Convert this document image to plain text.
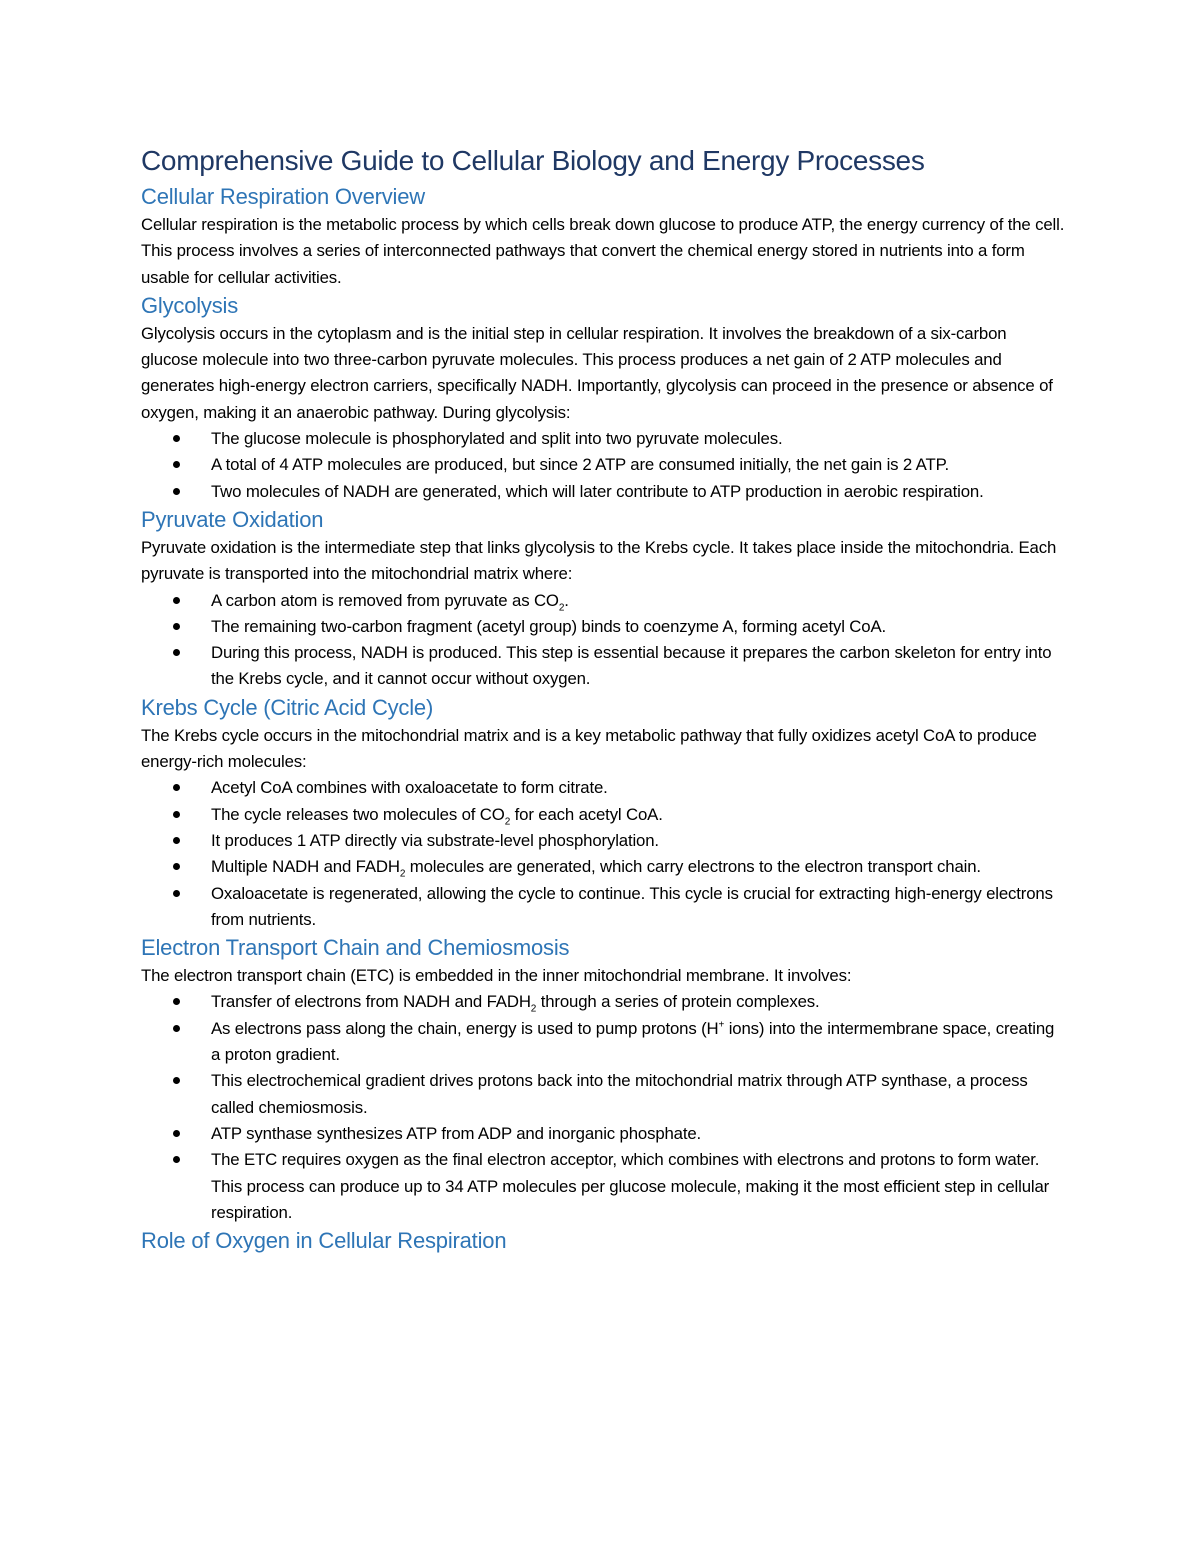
Comprehensive Guide to Cellular Biology and Energy Processes
Cellular Respiration Overview

Cellular respiration is the metabolic process by which cells break down glucose to produce ATP, the energy currency of the cell. This process involves a series of interconnected pathways that convert the chemical energy stored in nutrients into a form usable for cellular activities.

Glycolysis

Glycolysis occurs in the cytoplasm and is the initial step in cellular respiration. It involves the breakdown of a six-carbon glucose molecule into two three-carbon pyruvate molecules. This process produces a net gain of 2 ATP molecules and generates high-energy electron carriers, specifically NADH. Importantly, glycolysis can proceed in the presence or absence of oxygen, making it an anaerobic pathway. During glycolysis:

The glucose molecule is phosphorylated and split into two pyruvate molecules.
A total of 4 ATP molecules are produced, but since 2 ATP are consumed initially, the net gain is 2 ATP.
Two molecules of NADH are generated, which will later contribute to ATP production in aerobic respiration.
Pyruvate Oxidation

Pyruvate oxidation is the intermediate step that links glycolysis to the Krebs cycle. It takes place inside the mitochondria. Each pyruvate is transported into the mitochondrial matrix where:

A carbon atom is removed from pyruvate as $CO_2$.
The remaining two-carbon fragment (acetyl group) binds to coenzyme A, forming acetyl CoA.
During this process, NADH is produced. This step is essential because it prepares the carbon skeleton for entry into the Krebs cycle, and it cannot occur without oxygen.
Krebs Cycle (Citric Acid Cycle)

The Krebs cycle occurs in the mitochondrial matrix and is a key metabolic pathway that fully oxidizes acetyl CoA to produce energy-rich molecules:

Acetyl CoA combines with oxaloacetate to form citrate.
The cycle releases two molecules of $CO_2$ for each acetyl CoA.
It produces 1 ATP directly via substrate-level phosphorylation.
Multiple NADH and $FADH_2$ molecules are generated, which carry electrons to the electron transport chain.
Oxaloacetate is regenerated, allowing the cycle to continue. This cycle is crucial for extracting high-energy electrons from nutrients.
Electron Transport Chain and Chemiosmosis

The electron transport chain (ETC) is embedded in the inner mitochondrial membrane. It involves:

Transfer of electrons from NADH and $FADH_2$ through a series of protein complexes.
As electrons pass along the chain, energy is used to pump protons (H+ ions) into the intermembrane space, creating a proton gradient.
This electrochemical gradient drives protons back into the mitochondrial matrix through ATP synthase, a process called chemiosmosis.
ATP synthase synthesizes ATP from ADP and inorganic phosphate.
The ETC requires oxygen as the final electron acceptor, which combines with electrons and protons to form water. This process can produce up to 34 ATP molecules per glucose molecule, making it the most efficient step in cellular respiration.
Role of Oxygen in Cellular Respiration
